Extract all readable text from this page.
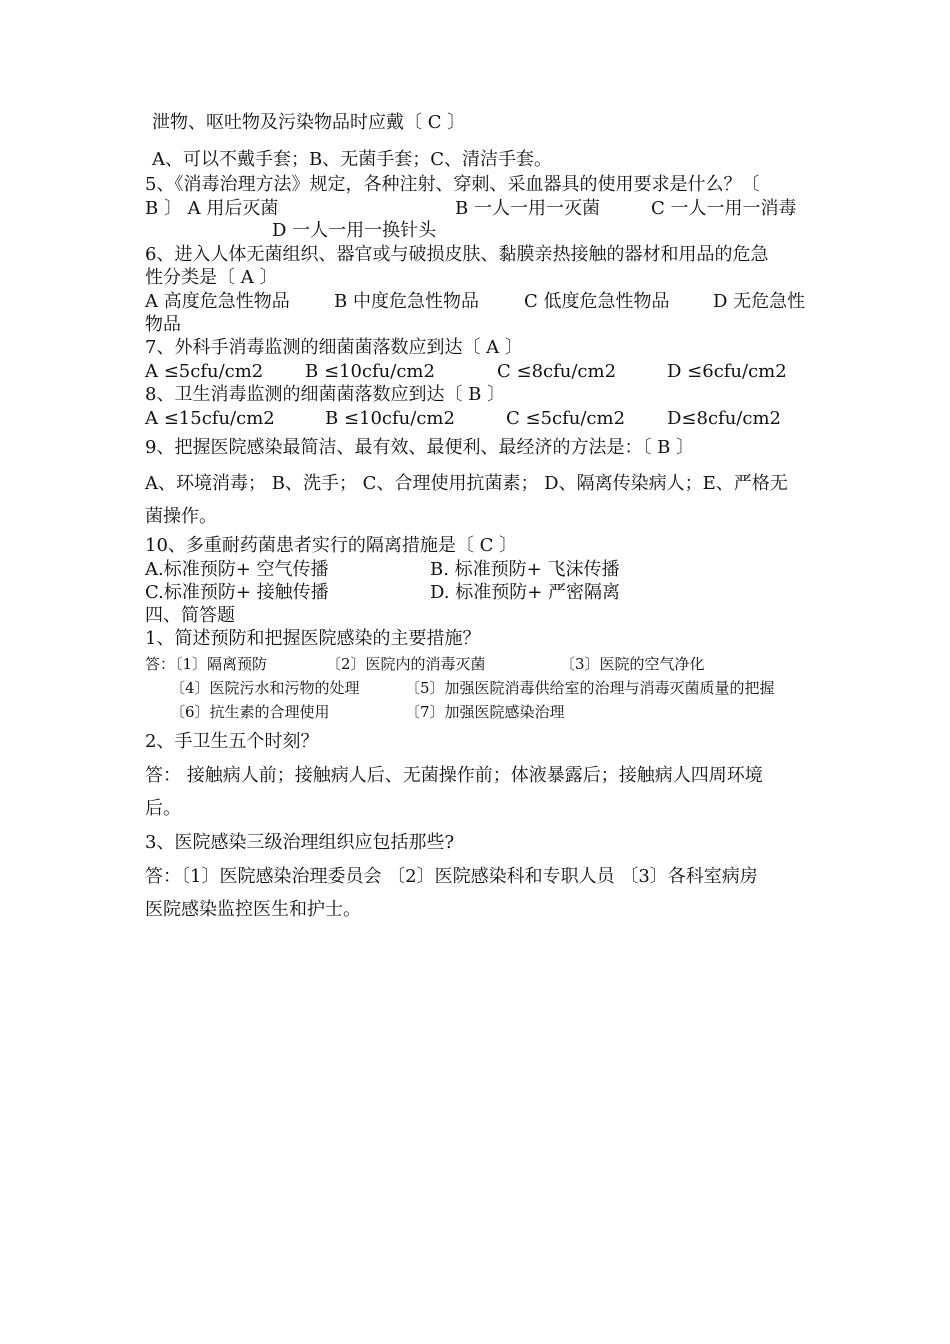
泄物、呕吐物及污染物品时应戴〔 C 〕
A、可以不戴手套；B、无菌手套；C、清洁手套。
5、《消毒治理方法》规定，各种注射、穿刺、采血器具的使用要求是什么？〔
B 〕 A 用后灭菌	B 一人一用一灭菌	C 一人一用一消毒
D 一人一用一换针头
6、进入人体无菌组织、器官或与破损皮肤、黏膜亲热接触的器材和用品的危急
性分类是〔 A 〕
A 高度危急性物品 B 中度危急性物品	C 低度危急性物品 D 无危急性
物品
7、外科手消毒监测的细菌菌落数应到达〔 A 〕
A ≤5cfu/cm2 B ≤10cfu/cm2	C ≤8cfu/cm2	D ≤6cfu/cm2
8、卫生消毒监测的细菌菌落数应到达〔 B 〕
A ≤15cfu/cm2	B ≤10cfu/cm2	C ≤5cfu/cm2 D≤8cfu/cm2
9、把握医院感染最简洁、最有效、最便利、最经济的方法是：〔 B 〕
A、环境消毒； B、洗手； C、合理使用抗菌素； D、隔离传染病人；E、严格无
菌操作。
10、多重耐药菌患者实行的隔离措施是〔 C 〕
A.标准预防+ 空气传播	B. 标准预防+ 飞沫传播
C.标准预防+ 接触传播	D. 标准预防+ 严密隔离
四、简答题
1、简述预防和把握医院感染的主要措施？
答：〔1〕隔离预防	〔2〕医院内的消毒灭菌	〔3〕医院的空气净化
〔4〕医院污水和污物的处理	〔5〕加强医院消毒供给室的治理与消毒灭菌质量的把握
〔6〕抗生素的合理使用	〔7〕加强医院感染治理
2、手卫生五个时刻？
答： 接触病人前；接触病人后、无菌操作前；体液暴露后；接触病人四周环境
后。
3、医院感染三级治理组织应包括那些?
答：〔1〕医院感染治理委员会 〔2〕医院感染科和专职人员 〔3〕各科室病房
医院感染监控医生和护士。
